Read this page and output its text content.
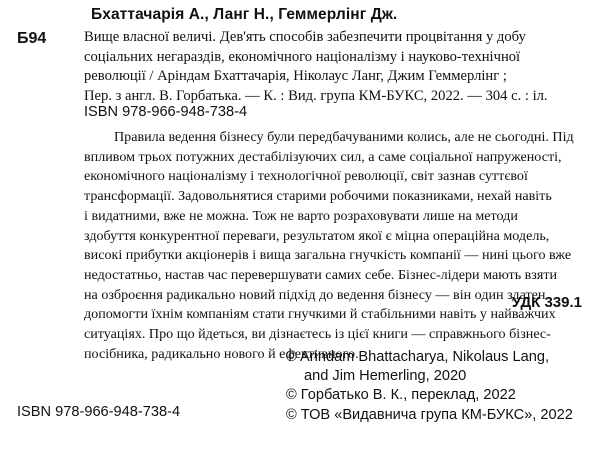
Бхаттачарія А., Ланг Н., Геммерлінг Дж.
Б94	Вище власної величі. Дев'ять способів забезпечити процвітання у добу
соціальних негараздів, економічного націоналізму і науково-технічної
революції / Аріндам Бхаттачарія, Ніколаус Ланг, Джим Геммерлінг ;
Пер. з англ. В. Горбатька. — К. : Вид. група КМ-БУКС, 2022. — 304 с. : іл.
ISBN 978-966-948-738-4
Правила ведення бізнесу були передбачуваними колись, але не сьогодні. Під
впливом трьох потужних дестабілізуючих сил, а саме соціальної напруженості,
економічного націоналізму і технологічної революції, світ зазнав суттєвої
трансформації. Задовольнятися старими робочими показниками, нехай навіть
і видатними, вже не можна. Тож не варто розраховувати лише на методи
здобуття конкурентної переваги, результатом якої є міцна операційна модель,
високі прибутки акціонерів і вища загальна гнучкість компанії — нині цього вже
недостатньо, настав час перевершувати самих себе. Бізнес-лідери мають взяти
на озброєння радикально новий підхід до ведення бізнесу — він один здатен
допомогти їхнім компаніям стати гнучкими й стабільними навіть у найважчих
ситуаціях. Про що йдеться, ви дізнаєтесь із цієї книги — справжнього бізнес-
посібника, радикально нового й ефективного.
УДК 339.1
© Arindam Bhattacharya, Nikolaus Lang,
and Jim Hemerling, 2020
© Горбатько В. К., переклад, 2022
© ТОВ «Видавнича група КМ-БУКС», 2022
ISBN 978-966-948-738-4
